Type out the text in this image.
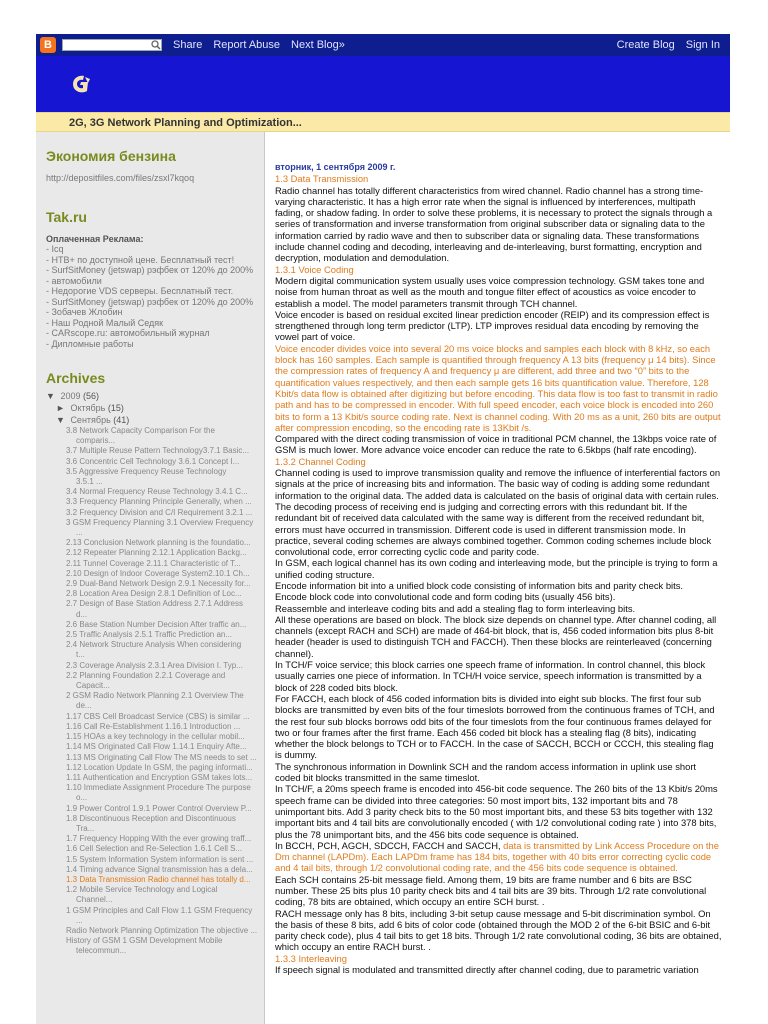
B	Share Report Abuse Next Blog»	Create Blog Sign In
2G, 3G Network Planning and Optimization...
Экономия бензина
http://depositfiles.com/files/zsxl7kqoq
Tak.ru
Оплаченная Реклама:
- Icq
- НТВ+ по доступной цене. Бесплатный тест!
- SurfSitMoney (jetswap) рэфбек от 120% до 200%
- автомобили
- Недорогие VDS серверы. Бесплатный тест.
- SurfSitMoney (jetswap) рэфбек от 120% до 200%
- Зобачев Жлобин
- Наш Родной Малый Седяк
- CARscope.ru: автомобильный журнал
- Дипломные работы
Archives
▼ 2009 (56)
► Октябрь (15)
▼ Сентябрь (41)
3.8 Network Capacity Comparison For the
comparis...
3.7 Multiple Reuse Pattern Technology3.7.1 Basic...
3.6 Concentric Cell Technology 3.6.1 Concept I...
3.5 Aggressive Frequency Reuse Technology
3.5.1 ...
3.4 Normal Frequency Reuse Technology 3.4.1 C...
3.3 Frequency Planning Principle Generally, when ...
3.2 Frequency Division and C/I Requirement 3.2.1 ...
3 GSM Frequency Planning 3.1 Overview Frequency
...
2.13 Conclusion Network planning is the foundatio...
2.12 Repeater Planning 2.12.1 Application Backg...
2.11 Tunnel Coverage 2.11.1 Characteristic of T...
2.10 Design of Indoor Coverage System2.10.1 Ch...
2.9 Dual-Band Network Design 2.9.1 Necessity for...
2.8 Location Area Design 2.8.1 Definition of Loc...
2.7 Design of Base Station Address 2.7.1 Address
d...
2.6 Base Station Number Decision After traffic an...
2.5 Traffic Analysis 2.5.1 Traffic Prediction an...
2.4 Network Structure Analysis When considering
t...
2.3 Coverage Analysis 2.3.1 Area Division I. Typ...
2.2 Planning Foundation 2.2.1 Coverage and
Capacit...
2 GSM Radio Network Planning 2.1 Overview The
de...
1.17 CBS Cell Broadcast Service (CBS) is similar ...
1.16 Call Re-Establishment 1.16.1 Introduction ...
1.15 HOAs a key technology in the cellular mobil...
1.14 MS Originated Call Flow 1.14.1 Enquiry Afte...
1.13 MS Originating Call Flow The MS needs to set ...
1.12 Location Update In GSM, the paging informati...
1.11 Authentication and Encryption GSM takes lots...
1.10 Immediate Assignment Procedure The purpose
o...
1.9 Power Control 1.9.1 Power Control Overview P...
1.8 Discontinuous Reception and Discontinuous
Tra...
1.7 Frequency Hopping With the ever growing traff...
1.6 Cell Selection and Re-Selection 1.6.1 Cell S...
1.5 System Information System information is sent ...
1.4 Timing advance Signal transmission has a dela...
1.3 Data Transmission Radio channel has totally d...
1.2 Mobile Service Technology and Logical
Channel...
1 GSM Principles and Call Flow 1.1 GSM Frequency
...
Radio Network Planning Optimization The objective ...
History of GSM 1 GSM Development Mobile
telecommun...
вторник, 1 сентября 2009 г.
1.3 Data Transmission
Radio channel has totally different characteristics from wired channel. Radio channel has a strong time-varying characteristic. It has a high error rate when the signal is influenced by interferences, multipath fading, or shadow fading. In order to solve these problems, it is necessary to protect the signals through a series of transformation and inverse transformation from original subscriber data or signaling data to the information carried by radio wave and then to subscriber data or signaling data. These transformations include channel coding and decoding, interleaving and de-interleaving, burst formatting, encryption and decryption, modulation and demodulation.
1.3.1 Voice Coding
Modern digital communication system usually uses voice compression technology. GSM takes tone and noise from human throat as well as the mouth and tongue filter effect of acoustics as voice encoder to establish a model. The model parameters transmit through TCH channel.
Voice encoder is based on residual excited linear prediction encoder (REIP) and its compression effect is strengthened through long term predictor (LTP). LTP improves residual data encoding by removing the vowel part of voice.
Voice encoder divides voice into several 20 ms voice blocks and samples each block with 8 kHz, so each block has 160 samples. Each sample is quantified through frequency A 13 bits (frequency μ 14 bits). Since the compression rates of frequency A and frequency μ are different, add three and two “0” bits to the quantification values respectively, and then each sample gets 16 bits quantification value. Therefore, 128 Kbit/s data flow is obtained after digitizing but before encoding. This data flow is too fast to transmit in radio path and has to be compressed in encoder. With full speed encoder, each voice block is encoded into 260 bits to form a 13 Kbit/s source coding rate. Next is channel coding. With 20 ms as a unit, 260 bits are output after compression encoding, so the encoding rate is 13Kbit /s.
Compared with the direct coding transmission of voice in traditional PCM channel, the 13kbps voice rate of GSM is much lower. More advance voice encoder can reduce the rate to 6.5kbps (half rate encoding).
1.3.2 Channel Coding
Channel coding is used to improve transmission quality and remove the influence of interferential factors on signals at the price of increasing bits and information. The basic way of coding is adding some redundant information to the original data. The added data is calculated on the basis of original data with certain rules. The decoding process of receiving end is judging and correcting errors with this redundant bit. If the redundant bit of received data calculated with the same way is different from the received redundant bit, errors must have occurred in transmission. Different code is used in different transmission mode. In practice, several coding schemes are always combined together. Common coding schemes include block convolutional code, error correcting cyclic code and parity code.
In GSM, each logical channel has its own coding and interleaving mode, but the principle is trying to form a unified coding structure.
Encode information bit into a unified block code consisting of information bits and parity check bits.
Encode block code into convolutional code and form coding bits (usually 456 bits).
Reassemble and interleave coding bits and add a stealing flag to form interleaving bits.
All these operations are based on block. The block size depends on channel type. After channel coding, all channels (except RACH and SCH) are made of 464-bit block, that is, 456 coded information bits plus 8-bit header (header is used to distinguish TCH and FACCH). Then these blocks are reinterleaved (concerning channel).
In TCH/F voice service; this block carries one speech frame of information. In control channel, this block usually carries one piece of information. In TCH/H voice service, speech information is transmitted by a block of 228 coded bits block.
For FACCH, each block of 456 coded information bits is divided into eight sub blocks. The first four sub blocks are transmitted by even bits of the four timeslots borrowed from the continuous frames of TCH, and the rest four sub blocks borrows odd bits of the four timeslots from the four continuous frames delayed for two or four frames after the first frame. Each 456 coded bit block has a stealing flag (8 bits), indicating whether the block belongs to TCH or to FACCH. In the case of SACCH, BCCH or CCCH, this stealing flag is dummy.
The synchronous information in Downlink SCH and the random access information in uplink use short coded bit blocks transmitted in the same timeslot.
In TCH/F, a 20ms speech frame is encoded into 456-bit code sequence. The 260 bits of the 13 Kbit/s 20ms speech frame can be divided into three categories: 50 most import bits, 132 important bits and 78 unimportant bits. Add 3 parity check bits to the 50 most important bits, and these 53 bits together with 132 important bits and 4 tail bits are convolutionally encoded ( with 1/2 convolutional coding rate ) into 378 bits, plus the 78 unimportant bits, and the 456 bits code sequence is obtained.
In BCCH, PCH, AGCH, SDCCH, FACCH and SACCH, data is transmitted by Link Access Procedure on the Dm channel (LAPDm). Each LAPDm frame has 184 bits, together with 40 bits error correcting cyclic code and 4 tail bits, through 1/2 convolutional coding rate, and the 456 bits code sequence is obtained.
Each SCH contains 25-bit message field. Among them, 19 bits are frame number and 6 bits are BSC number. These 25 bits plus 10 parity check bits and 4 tail bits are 39 bits. Through 1/2 rate convolutional coding, 78 bits are obtained, which occupy an entire SCH burst. .
RACH message only has 8 bits, including 3-bit setup cause message and 5-bit discrimination symbol. On the basis of these 8 bits, add 6 bits of color code (obtained through the MOD 2 of the 6-bit BSIC and 6-bit parity check code), plus 4 tail bits to get 18 bits. Through 1/2 rate convolutional coding, 36 bits are obtained, which occupy an entire RACH burst. .
1.3.3 Interleaving
If speech signal is modulated and transmitted directly after channel coding, due to parametric variation
